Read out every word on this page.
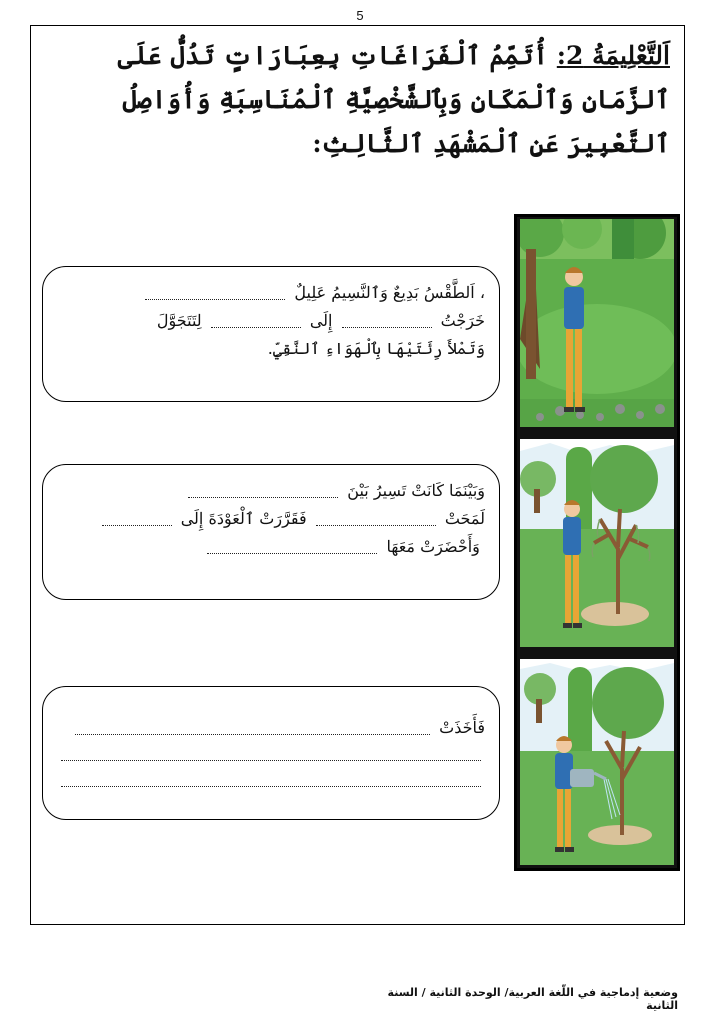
5
اَلتَّعْلِيمَةُ 2: أُتَمِّمُ ٱلْفَرَاغَاتِ بِعِبَارَاتٍ تَدُلُّ عَلَى ٱلزَّمَانِ وَٱلْمَكَانِ وَبِٱلشَّخْصِيَّةِ ٱلْمُنَاسِبَةِ وَأُوَاصِلُ ٱلتَّعْبِيرَ عَنِ ٱلْمَشْهَدِ ٱلثَّالِثِ:
، اَلطَّقْسُ بَدِيعٌ وَٱلنَّسِيمُ عَلِيلٌ
خَرَجْتُ  إِلَى  لِتَتَجَوَّلَ
وَتَمْلأَ رِئَتَيْهَا بِٱلْهَوَاءِ ٱلنَّقِيِّ.
وَبَيْنَمَا كَانَتْ تَسِيرُ بَيْنَ
لَمَحَتْ  فَقَرَّرَتْ ٱلْعَوْدَةَ إِلَى
وَأَحْضَرَتْ مَعَهَا
فَأَخَذَتْ
وضعية إدماجية في اللّغة العربية/ الوحدة الثانية / السنة الثانية
